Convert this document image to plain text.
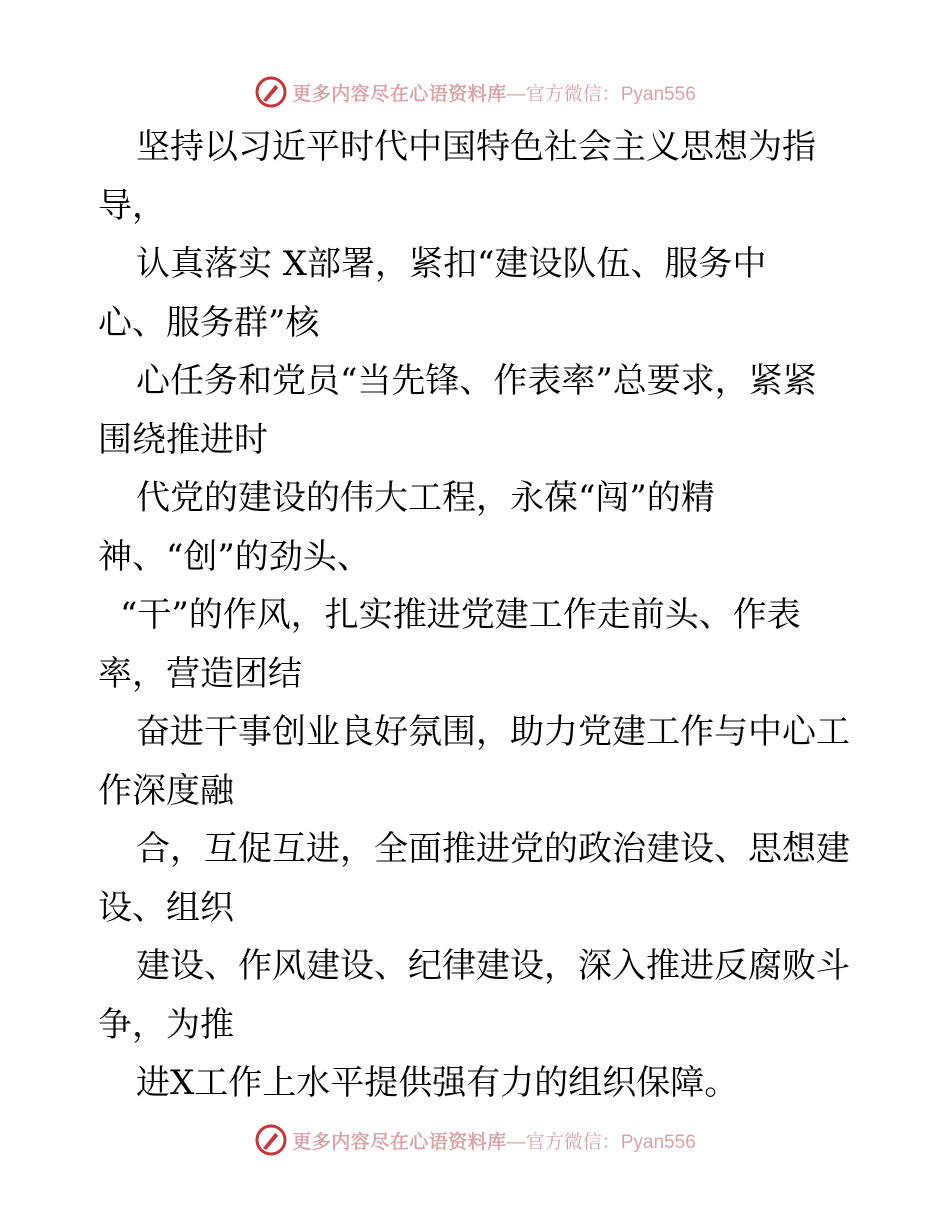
更多内容尽在心语资料库 —官方微信：Pyan556
坚持以习近平时代中国特色社会主义思想为指
导，
认真落实 X部署，紧扣“建设队伍、服务中
心、服务群”核
心任务和党员“当先锋、作表率”总要求，紧紧
围绕推进时
代党的建设的伟大工程，永葆“闯”的精
神、“创”的劲头、
“干”的作风，扎实推进党建工作走前头、作表
率，营造团结
奋进干事创业良好氛围，助力党建工作与中心工
作深度融
合，互促互进，全面推进党的政治建设、思想建
设、组织
建设、作风建设、纪律建设，深入推进反腐败斗
争，为推
进X工作上水平提供强有力的组织保障。
更多内容尽在心语资料库 —官方微信：Pyan556
